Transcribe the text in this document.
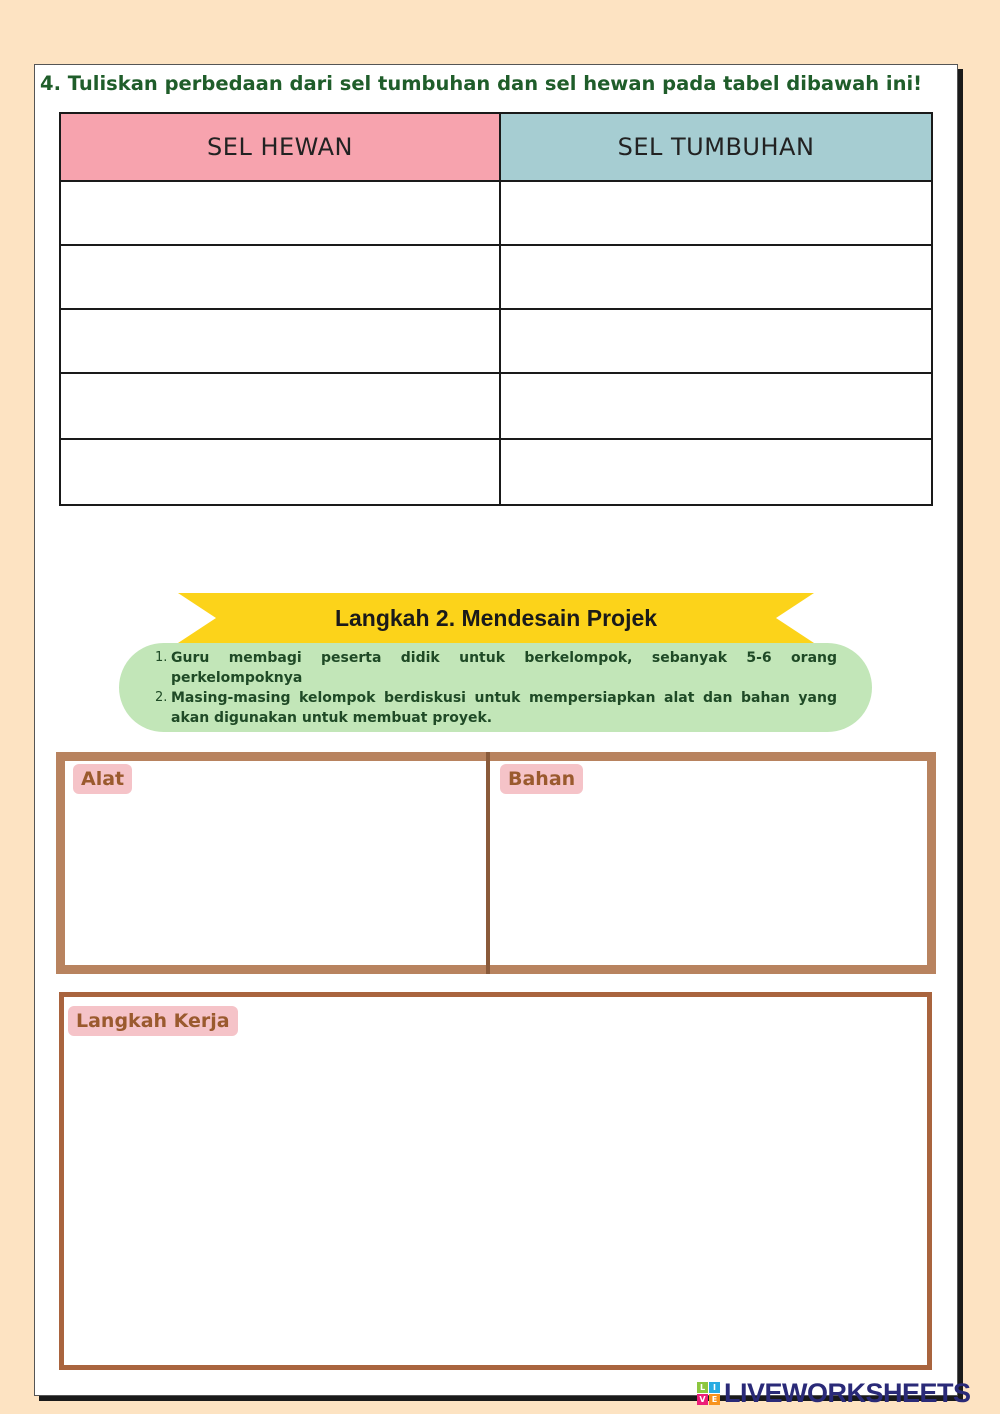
4. Tuliskan perbedaan dari sel tumbuhan dan sel hewan pada tabel dibawah ini!
SEL HEWAN	SEL TUMBUHAN

Langkah 2. Mendesain Projek
1. Guru membagi peserta didik untuk berkelompok, sebanyak 5-6 orang perkelompoknya
2. Masing-masing kelompok berdiskusi untuk mempersiapkan alat dan bahan yang akan digunakan untuk membuat proyek.
Alat	Bahan
Langkah Kerja
L I
V E LIVEWORKSHEETS
